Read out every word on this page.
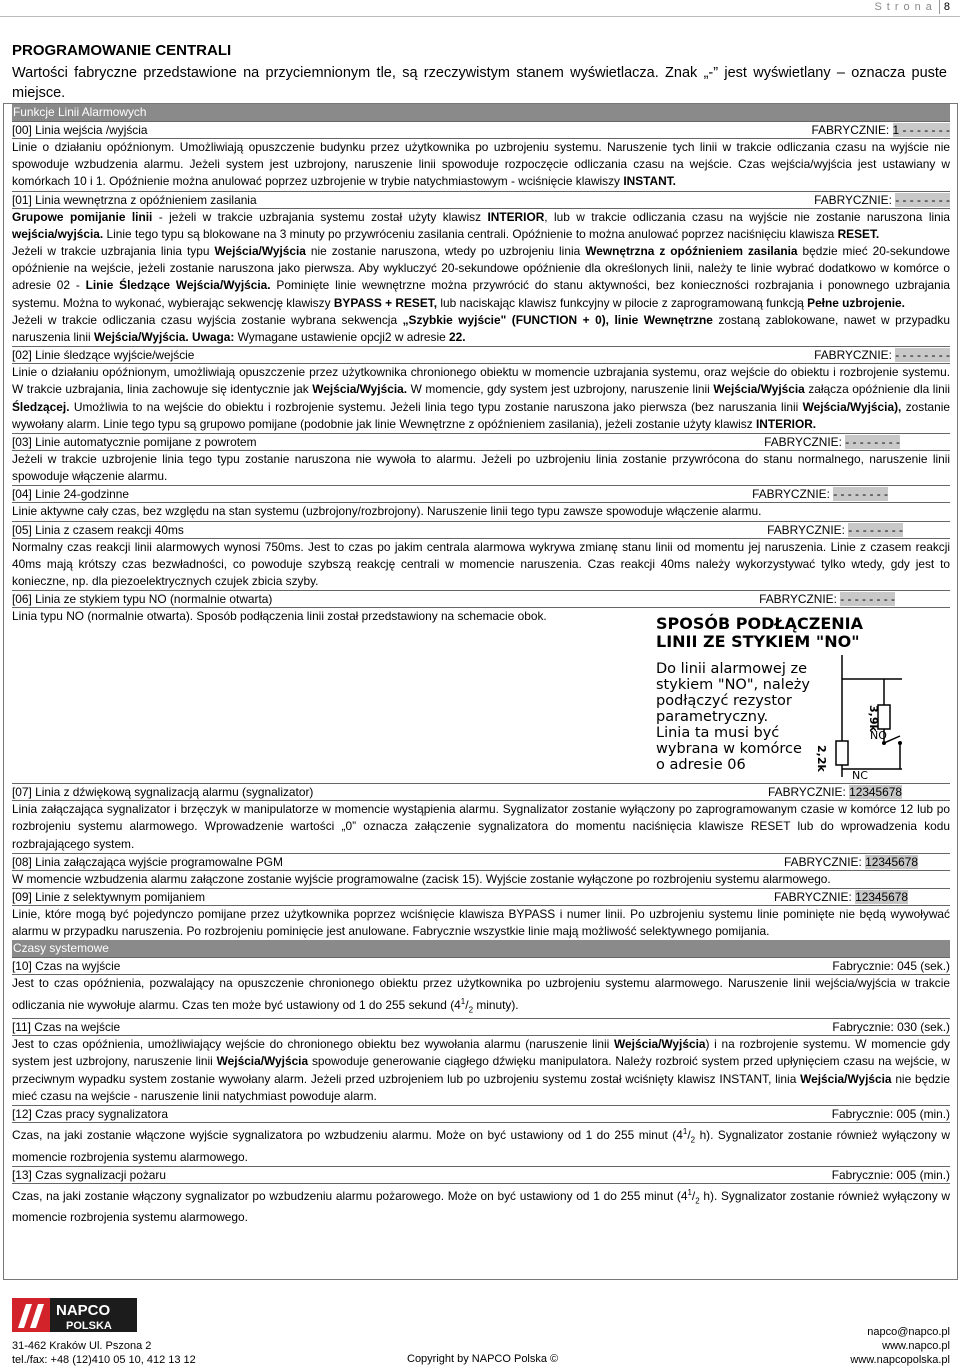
Strona 8
PROGRAMOWANIE CENTRALI
Wartości fabryczne przedstawione na przyciemnionym tle, są rzeczywistym stanem wyświetlacza. Znak „-” jest wyświetlany – oznacza puste miejsce.
Funkcje Linii Alarmowych
[00] Linia wejścia /wyjścia	FABRYCZNIE: 1 - - - - - - -
Linie o działaniu opóźnionym. Umożliwiają opuszczenie budynku przez użytkownika po uzbrojeniu systemu. Naruszenie tych linii w trakcie odliczania czasu na wyjście nie spowoduje wzbudzenia alarmu. Jeżeli system jest uzbrojony, naruszenie linii spowoduje rozpoczęcie odliczania czasu na wejście. Czas wejścia/wyjścia jest ustawiany w komórkach 10 i 1. Opóźnienie można anulować poprzez uzbrojenie w trybie natychmiastowym - wciśnięcie klawiszy INSTANT.
[01] Linia wewnętrzna z opóźnieniem zasilania	FABRYCZNIE: - - - - - - - -
Grupowe pomijanie linii - jeżeli w trakcie uzbrajania systemu został użyty klawisz INTERIOR, lub w trakcie odliczania czasu na wyjście nie zostanie naruszona linia wejścia/wyjścia. Linie tego typu są blokowane na 3 minuty po przywróceniu zasilania centrali. Opóźnienie to można anulować poprzez naciśnięciu klawisza RESET.
Jeżeli w trakcie uzbrajania linia typu Wejścia/Wyjścia nie zostanie naruszona, wtedy po uzbrojeniu linia Wewnętrzna z opóźnieniem zasilania będzie mieć 20-sekundowe opóźnienie na wejście, jeżeli zostanie naruszona jako pierwsza. Aby wykluczyć 20-sekundowe opóźnienie dla określonych linii, należy te linie wybrać dodatkowo w komórce o adresie 02 - Linie Śledzące Wejścia/Wyjścia. Pominięte linie wewnętrzne można przywrócić do stanu aktywności, bez konieczności rozbrajania i ponownego uzbrajania systemu. Można to wykonać, wybierając sekwencję klawiszy BYPASS + RESET, lub naciskając klawisz funkcyjny w pilocie z zaprogramowaną funkcją Pełne uzbrojenie.
Jeżeli w trakcie odliczania czasu wyjścia zostanie wybrana sekwencja „Szybkie wyjście" (FUNCTION + 0), linie Wewnętrzne zostaną zablokowane, nawet w przypadku naruszenia linii Wejścia/Wyjścia. Uwaga: Wymagane ustawienie opcji2 w adresie 22.
[02] Linie śledzące wyjście/wejście	FABRYCZNIE: - - - - - - - -
Linie o działaniu opóźnionym, umożliwiają opuszczenie przez użytkownika chronionego obiektu w momencie uzbrajania systemu, oraz wejście do obiektu i rozbrojenie systemu. W trakcie uzbrajania, linia zachowuje się identycznie jak Wejścia/Wyjścia. W momencie, gdy system jest uzbrojony, naruszenie linii Wejścia/Wyjścia załącza opóźnienie dla linii Śledzącej. Umożliwia to na wejście do obiektu i rozbrojenie systemu. Jeżeli linia tego typu zostanie naruszona jako pierwsza (bez naruszania linii Wejścia/Wyjścia), zostanie wywołany alarm. Linie tego typu są grupowo pomijane (podobnie jak linie Wewnętrzne z opóźnieniem zasilania), jeżeli zostanie użyty klawisz INTERIOR.
[03] Linie automatycznie pomijane z powrotem	FABRYCZNIE: - - - - - - - -
Jeżeli w trakcie uzbrojenie linia tego typu zostanie naruszona nie wywoła to alarmu. Jeżeli po uzbrojeniu linia zostanie przywrócona do stanu normalnego, naruszenie linii spowoduje włączenie alarmu.
[04] Linie 24-godzinne	FABRYCZNIE: - - - - - - - -
Linie aktywne cały czas, bez względu na stan systemu (uzbrojony/rozbrojony). Naruszenie linii tego typu zawsze spowoduje włączenie alarmu.
[05] Linia z czasem reakcji 40ms	FABRYCZNIE: - - - - - - - -
Normalny czas reakcji linii alarmowych wynosi 750ms. Jest to czas po jakim centrala alarmowa wykrywa zmianę stanu linii od momentu jej naruszenia. Linie z czasem reakcji 40ms mają krótszy czas bezwładności, co powoduje szybszą reakcję centrali w momencie naruszenia. Czas reakcji 40ms należy wykorzystywać tylko wtedy, gdy jest to konieczne, np. dla piezoelektrycznych czujek zbicia szyby.
[06] Linia ze stykiem typu NO (normalnie otwarta)	FABRYCZNIE: - - - - - - - -
Linia typu NO (normalnie otwarta). Sposób podłączenia linii został przedstawiony na schemacie obok.	SPOSÓB PODŁĄCZENIA
LINII ZE STYKIEM "NO"
Do linii alarmowej ze
stykiem "NO", należy
podłączyć rezystor
parametryczny.
Linia ta musi być
wybrana w komórce
o adresie 06
3,9k
NO
2,2k
NC
[07] Linia z dźwiękową sygnalizacją alarmu (sygnalizator)	FABRYCZNIE: 12345678
Linia załączająca sygnalizator i brzęczyk w manipulatorze w momencie wystąpienia alarmu. Sygnalizator zostanie wyłączony po zaprogramowanym czasie w komórce 12 lub po rozbrojeniu systemu alarmowego. Wprowadzenie wartości „0” oznacza załączenie sygnalizatora do momentu naciśnięcia klawisze RESET lub do wprowadzenia kodu rozbrajającego system.
[08] Linia załączająca wyjście programowalne PGM	FABRYCZNIE: 12345678
W momencie wzbudzenia alarmu załączone zostanie wyjście programowalne (zacisk 15). Wyjście zostanie wyłączone po rozbrojeniu systemu alarmowego.
[09] Linie z selektywnym pomijaniem	FABRYCZNIE: 12345678
Linie, które mogą być pojedynczo pomijane przez użytkownika poprzez wciśnięcie klawisza BYPASS i numer linii. Po uzbrojeniu systemu linie pominięte nie będą wywoływać alarmu w przypadku naruszenia. Po rozbrojeniu pominięcie jest anulowane. Fabrycznie wszystkie linie mają możliwość selektywnego pomijania.
Czasy systemowe
[10] Czas na wyjście	Fabrycznie: 045 (sek.)
Jest to czas opóźnienia, pozwalający na opuszczenie chronionego obiektu przez użytkownika po uzbrojeniu systemu alarmowego. Naruszenie linii wejścia/wyjścia w trakcie odliczania nie wywołuje alarmu. Czas ten może być ustawiony od 1 do 255 sekund ($4^1/_2$ minuty).
[11] Czas na wejście	Fabrycznie: 030 (sek.)
Jest to czas opóźnienia, umożliwiający wejście do chronionego obiektu bez wywołania alarmu (naruszenie linii Wejścia/Wyjścia) i na rozbrojenie systemu. W momencie gdy system jest uzbrojony, naruszenie linii Wejścia/Wyjścia spowoduje generowanie ciągłego dźwięku manipulatora. Należy rozbroić system przed upłynięciem czasu na wejście, w przeciwnym wypadku system zostanie wywołany alarm. Jeżeli przed uzbrojeniem lub po uzbrojeniu systemu został wciśnięty klawisz INSTANT, linia Wejścia/Wyjścia nie będzie mieć czasu na wejście - naruszenie linii natychmiast powoduje alarm.
[12] Czas pracy sygnalizatora	Fabrycznie: 005 (min.)
Czas, na jaki zostanie włączone wyjście sygnalizatora po wzbudzeniu alarmu. Może on być ustawiony od 1 do 255 minut ($4^1/_2$ h). Sygnalizator zostanie również wyłączony w momencie rozbrojenia systemu alarmowego.
[13] Czas sygnalizacji pożaru	Fabrycznie: 005 (min.)
Czas, na jaki zostanie włączony sygnalizator po wzbudzeniu alarmu pożarowego. Może on być ustawiony od 1 do 255 minut ($4^1/_2$ h). Sygnalizator zostanie również wyłączony w momencie rozbrojenia systemu alarmowego.
NAPCO
POLSKA
31-462 Kraków Ul. Pszona 2
tel./fax: +48 (12)410 05 10, 412 13 12	Copyright by NAPCO Polska ©
napco@napco.pl
www.napco.pl
www.napcopolska.pl
